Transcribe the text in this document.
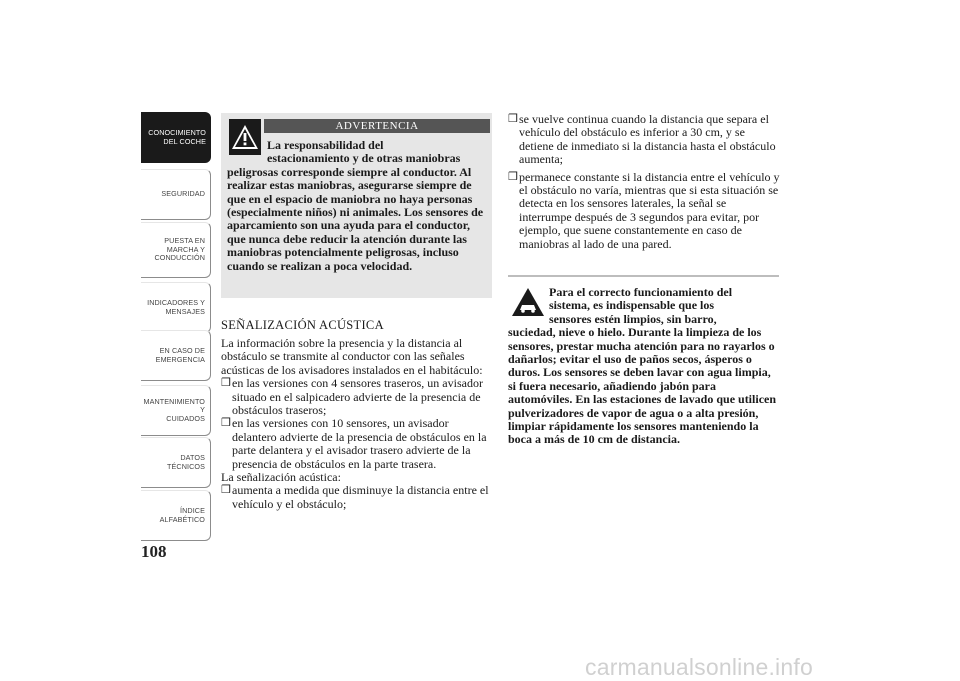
CONOCIMIENTO
DEL COCHE
SEGURIDAD
PUESTA EN
MARCHA Y
CONDUCCIÓN
INDICADORES Y
MENSAJES
EN CASO DE
EMERGENCIA
MANTENIMIENTO Y
CUIDADOS
DATOS TÉCNICOS
ÍNDICE
ALFABÉTICO
108
ADVERTENCIA
La responsabilidad del
estacionamiento y de otras maniobras
peligrosas corresponde siempre al conductor. Al realizar estas maniobras, asegurarse siempre de que en el espacio de maniobra no haya personas (especialmente niños) ni animales. Los sensores de aparcamiento son una ayuda para el conductor, que nunca debe reducir la atención durante las maniobras potencialmente peligrosas, incluso cuando se realizan a poca velocidad.
SEÑALIZACIÓN ACÚSTICA

La información sobre la presencia y la distancia al obstáculo se transmite al conductor con las señales acústicas de los avisadores instalados en el habitáculo:

❒ en las versiones con 4 sensores traseros, un avisador situado en el salpicadero advierte de la presencia de obstáculos traseros;
❒ en las versiones con 10 sensores, un avisador delantero advierte de la presencia de obstáculos en la parte delantera y el avisador trasero advierte de la presencia de obstáculos en la parte trasera.

La señalización acústica:

❒ aumenta a medida que disminuye la distancia entre el vehículo y el obstáculo;
❒ se vuelve continua cuando la distancia que separa el vehículo del obstáculo es inferior a 30 cm, y se detiene de inmediato si la distancia hasta el obstáculo aumenta;
❒ permanece constante si la distancia entre el vehículo y el obstáculo no varía, mientras que si esta situación se detecta en los sensores laterales, la señal se interrumpe después de 3 segundos para evitar, por ejemplo, que suene constantemente en caso de maniobras al lado de una pared.
Para el correcto funcionamiento del
sistema, es indispensable que los
sensores estén limpios, sin barro,
suciedad, nieve o hielo. Durante la limpieza de los sensores, prestar mucha atención para no rayarlos o dañarlos; evitar el uso de paños secos, ásperos o duros. Los sensores se deben lavar con agua limpia, si fuera necesario, añadiendo jabón para automóviles. En las estaciones de lavado que utilicen pulverizadores de vapor de agua o a alta presión, limpiar rápidamente los sensores manteniendo la boca a más de 10 cm de distancia.
carmanualsonline.info
